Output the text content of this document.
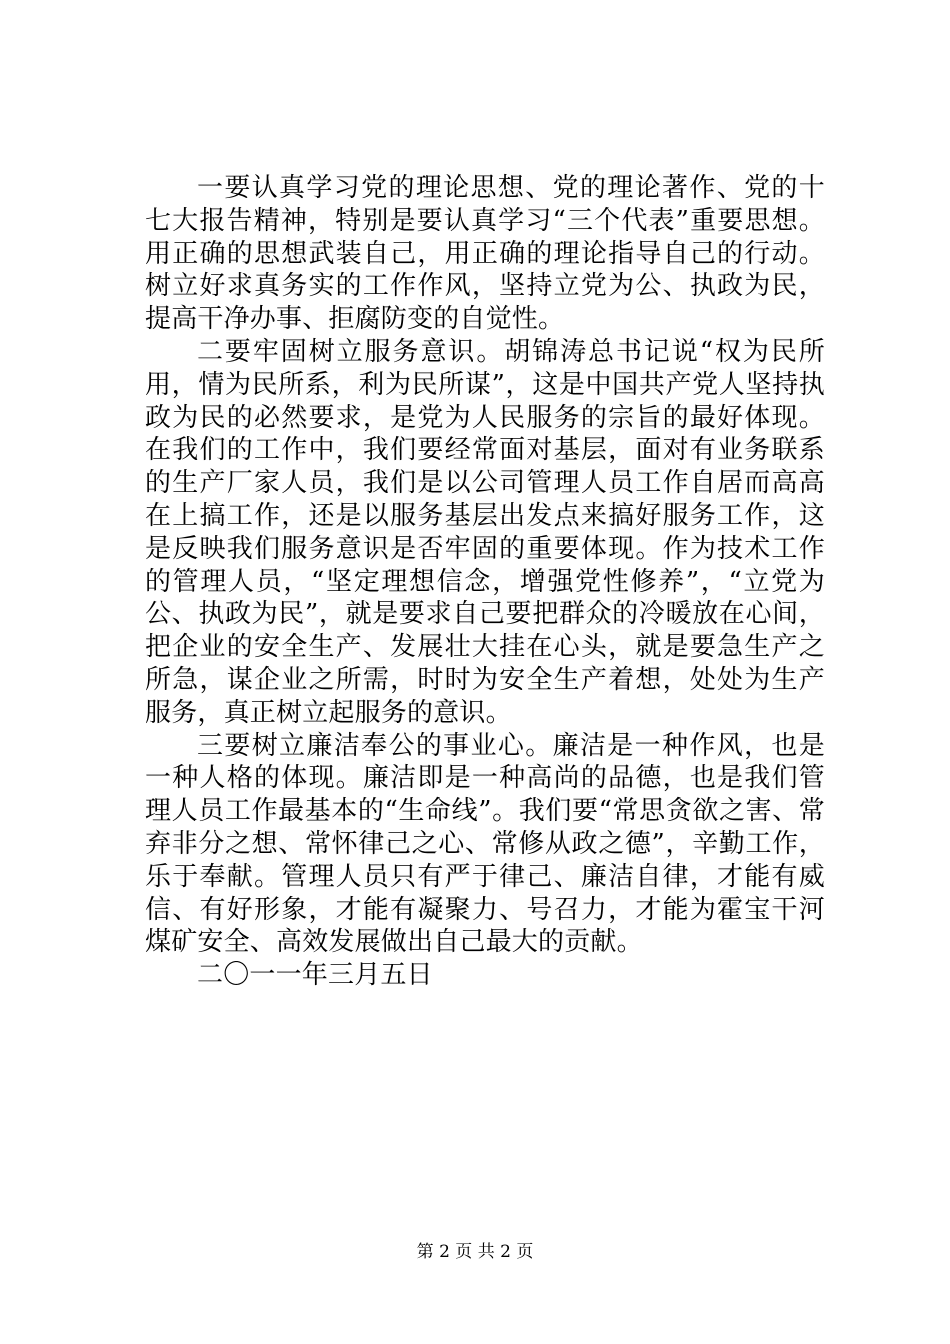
一要认真学习党的理论思想、党的理论著作、党的十七大报告精神，特别是要认真学习“三个代表”重要思想。用正确的思想武装自己，用正确的理论指导自己的行动。树立好求真务实的工作作风，坚持立党为公、执政为民，提高干净办事、拒腐防变的自觉性。

二要牢固树立服务意识。胡锦涛总书记说“权为民所用，情为民所系，利为民所谋”，这是中国共产党人坚持执政为民的必然要求，是党为人民服务的宗旨的最好体现。在我们的工作中，我们要经常面对基层，面对有业务联系的生产厂家人员，我们是以公司管理人员工作自居而高高在上搞工作，还是以服务基层出发点来搞好服务工作，这是反映我们服务意识是否牢固的重要体现。作为技术工作的管理人员，“坚定理想信念，增强党性修养”，“立党为公、执政为民”，就是要求自己要把群众的冷暖放在心间，把企业的安全生产、发展壮大挂在心头，就是要急生产之所急，谋企业之所需，时时为安全生产着想，处处为生产服务，真正树立起服务的意识。

三要树立廉洁奉公的事业心。廉洁是一种作风，也是一种人格的体现。廉洁即是一种高尚的品德，也是我们管理人员工作最基本的“生命线”。我们要“常思贪欲之害、常弃非分之想、常怀律己之心、常修从政之德”，辛勤工作，乐于奉献。管理人员只有严于律己、廉洁自律，才能有威信、有好形象，才能有凝聚力、号召力，才能为霍宝干河煤矿安全、高效发展做出自己最大的贡献。

二〇一一年三月五日

第 2 页 共 2 页
